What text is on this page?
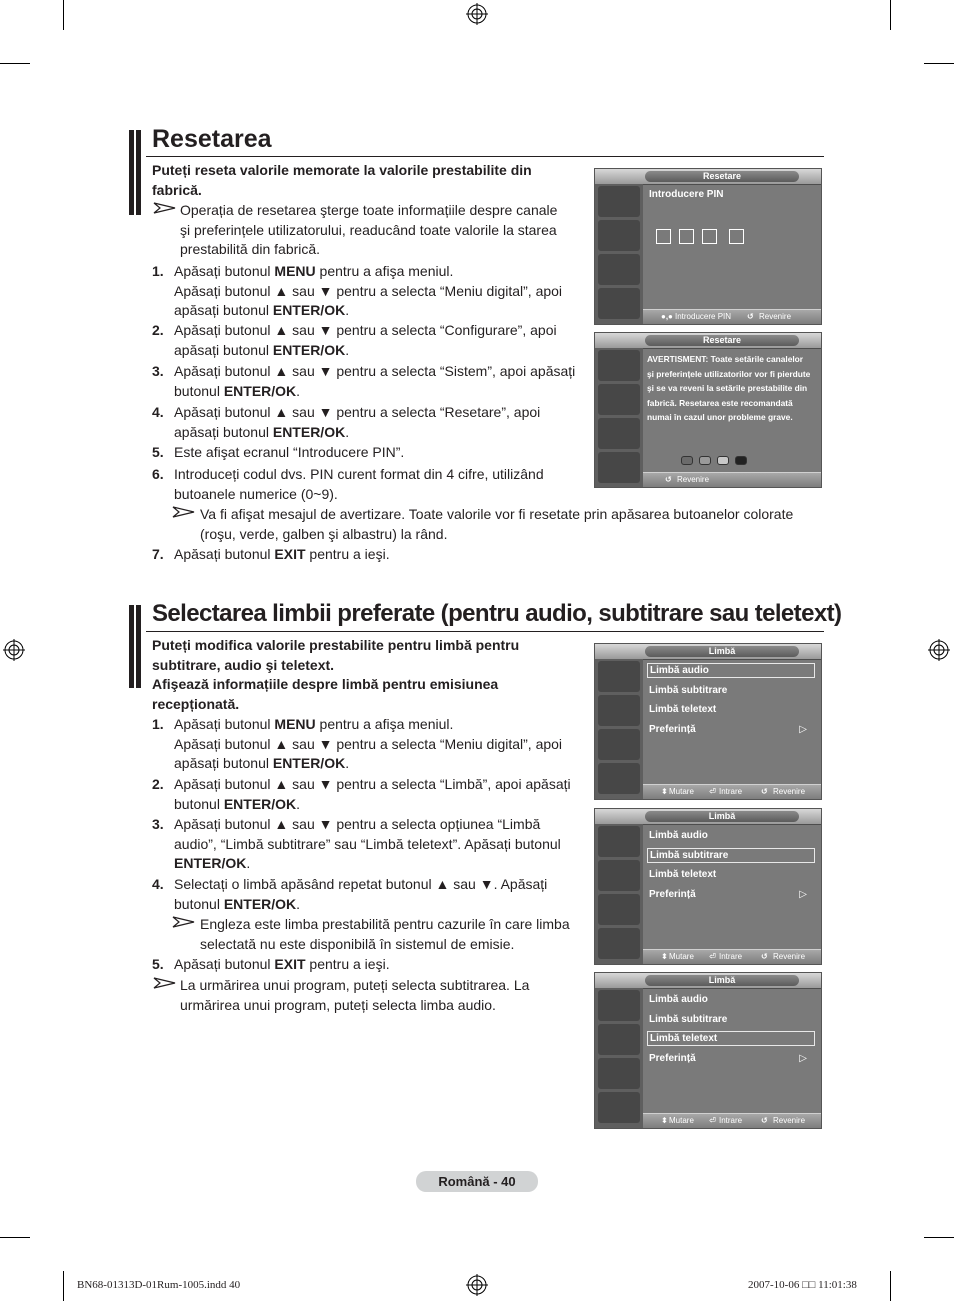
Resetarea
Puteți reseta valorile memorate la valorile prestabilite din
fabrică.
Operația de resetarea şterge toate informațiile despre canale
şi preferințele utilizatorului, readucând toate valorile la starea
prestabilită din fabrică.
1. Apăsați butonul MENU pentru a afişa meniul.
Apăsați butonul ▲ sau ▼ pentru a selecta “Meniu digital”, apoi
apăsați butonul ENTER/OK.
2. Apăsați butonul ▲ sau ▼ pentru a selecta “Configurare”, apoi
apăsați butonul ENTER/OK.
3. Apăsați butonul ▲ sau ▼ pentru a selecta “Sistem”, apoi apăsați
butonul ENTER/OK.
4. Apăsați butonul ▲ sau ▼ pentru a selecta “Resetare”, apoi
apăsați butonul ENTER/OK.
5. Este afişat ecranul “Introducere PIN”.
6. Introduceți codul dvs. PIN curent format din 4 cifre, utilizând
butoanele numerice (0~9).
Va fi afişat mesajul de avertizare. Toate valorile vor fi resetate prin apăsarea butoanelor colorate
(roşu, verde, galben şi albastru) la rând.
7. Apăsați butonul EXIT pentru a ieşi.
Resetare
Introducere PIN
●,● Introducere PIN ↺ Revenire
Resetare
AVERTISMENT: Toate setările canalelor
şi preferințele utilizatorilor vor fi pierdute
şi se va reveni la setările prestabilite din
fabrică. Resetarea este recomandată
numai în cazul unor probleme grave.
↺ Revenire
Selectarea limbii preferate (pentru audio, subtitrare sau teletext)
Puteți modifica valorile prestabilite pentru limbă pentru
subtitrare, audio şi teletext.
Afişează informațiile despre limbă pentru emisiunea
recepționată.
1. Apăsați butonul MENU pentru a afişa meniul.
Apăsați butonul ▲ sau ▼ pentru a selecta “Meniu digital”, apoi
apăsați butonul ENTER/OK.
2. Apăsați butonul ▲ sau ▼ pentru a selecta “Limbă”, apoi apăsați
butonul ENTER/OK.
3. Apăsați butonul ▲ sau ▼ pentru a selecta opțiunea “Limbă
audio”, “Limbă subtitrare” sau “Limbă teletext”. Apăsați butonul
ENTER/OK.
4. Selectați o limbă apăsând repetat butonul ▲ sau ▼. Apăsați
butonul ENTER/OK.
Engleza este limba prestabilită pentru cazurile în care limba
selectată nu este disponibilă în sistemul de emisie.
5. Apăsați butonul EXIT pentru a ieşi.
La urmărirea unui program, puteți selecta subtitrarea. La
urmărirea unui program, puteți selecta limba audio.
Limbă
Limbă audio
Limbă subtitrare
Limbă teletext
Preferință	▷
⬍ Mutare ⏎ Intrare ↺ Revenire
Limbă
Limbă audio
Limbă subtitrare
Limbă teletext
Preferință	▷
⬍ Mutare ⏎ Intrare ↺ Revenire
Limbă
Limbă audio
Limbă subtitrare
Limbă teletext
Preferință	▷
⬍ Mutare ⏎ Intrare ↺ Revenire
Română - 40
BN68-01313D-01Rum-1005.indd 40	2007-10-06 □□ 11:01:38
